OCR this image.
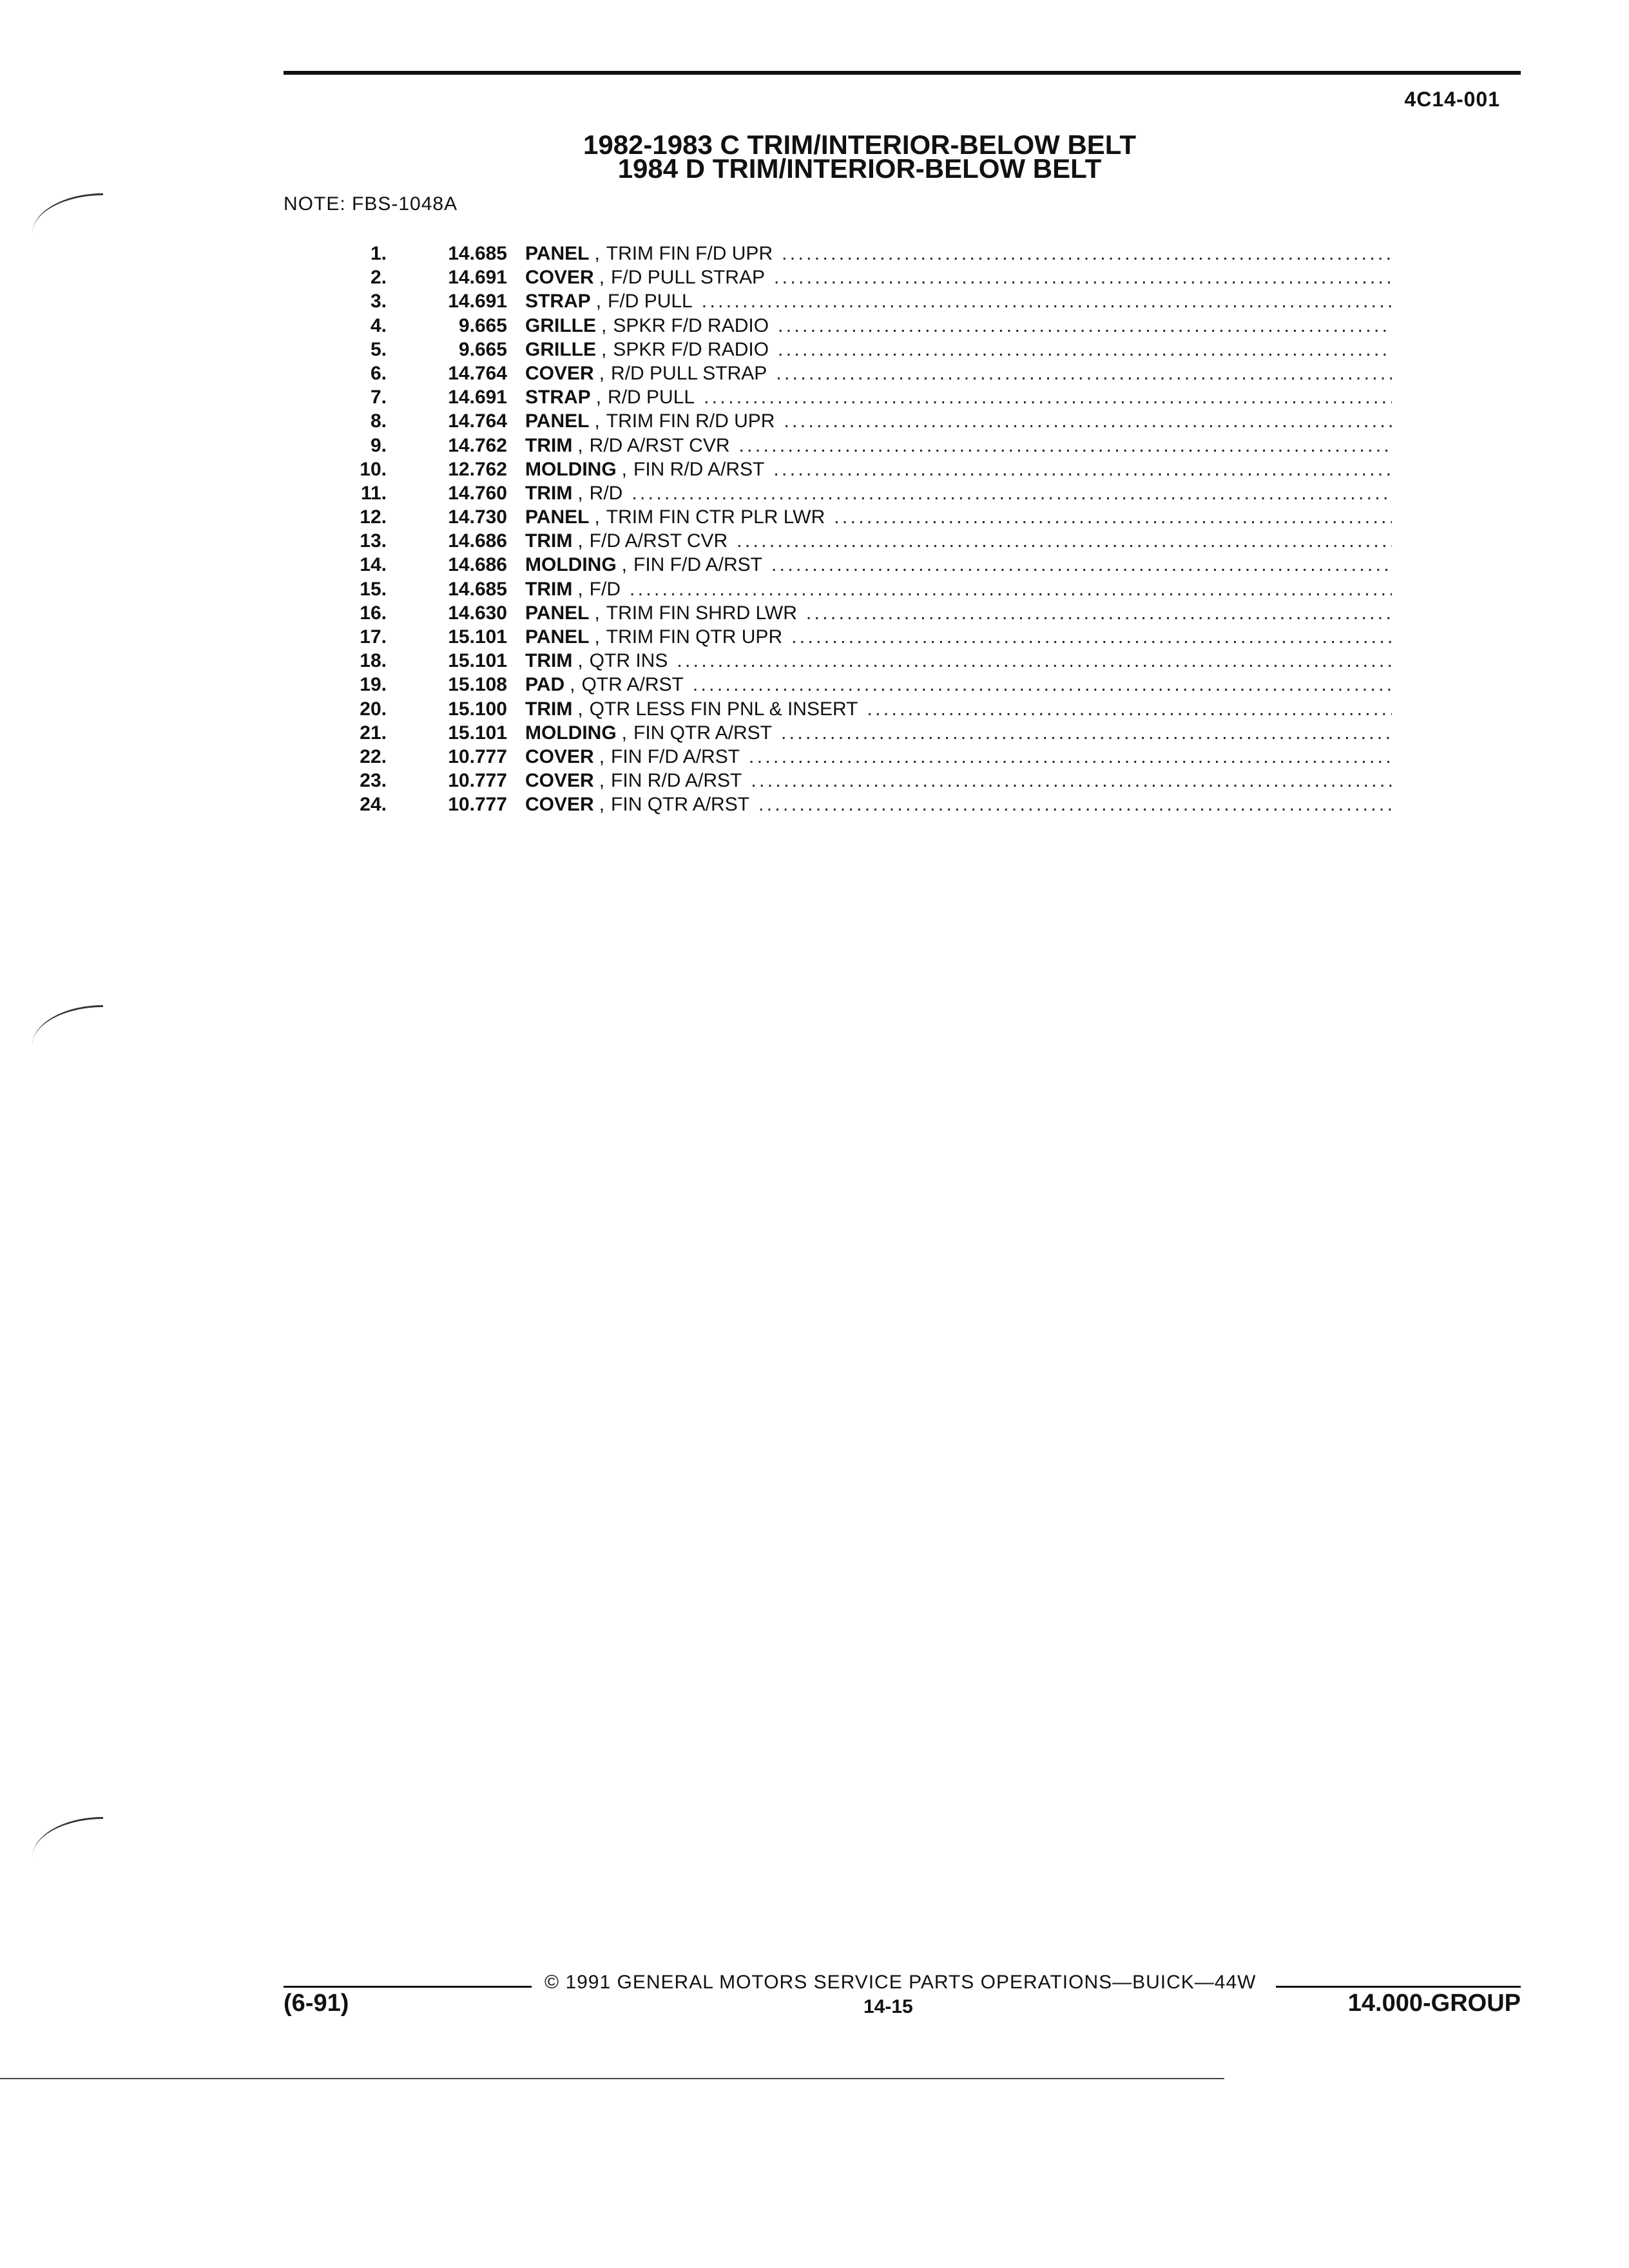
4C14-001
1982-1983 C TRIM/INTERIOR-BELOW BELT
1984 D TRIM/INTERIOR-BELOW BELT
NOTE: FBS-1048A
1.	14.685 PANEL , TRIM FIN F/D UPR
. . .
2.	14.691 COVER , F/D PULL STRAP
. . .
3.	14.691 STRAP , F/D PULL
. . .
4.	9.665 GRILLE , SPKR F/D RADIO
. . .
5.	9.665 GRILLE , SPKR F/D RADIO
. . .
6.	14.764 COVER , R/D PULL STRAP
. . .
7.	14.691 STRAP , R/D PULL
. . .
8.	14.764 PANEL , TRIM FIN R/D UPR
. . .
9.	14.762 TRIM , R/D A/RST CVR
. . .
10.	12.762 MOLDING , FIN R/D A/RST
. . .
11.	14.760 TRIM , R/D
. . .
12.	14.730 PANEL , TRIM FIN CTR PLR LWR
. . .
13.	14.686 TRIM , F/D A/RST CVR
. . .
14.	14.686 MOLDING , FIN F/D A/RST
. . .
15.	14.685 TRIM , F/D
. . .
16.	14.630 PANEL , TRIM FIN SHRD LWR
. . .
17.	15.101 PANEL , TRIM FIN QTR UPR
. . .
18.	15.101 TRIM , QTR INS
. . .
19.	15.108 PAD , QTR A/RST
. . .
20.	15.100 TRIM , QTR LESS FIN PNL & INSERT
. . .
21.	15.101 MOLDING , FIN QTR A/RST
. . .
22.	10.777 COVER , FIN F/D A/RST
. . .
23.	10.777 COVER , FIN R/D A/RST
. . .
24.	10.777 COVER , FIN QTR A/RST
. . .
© 1991 GENERAL MOTORS SERVICE PARTS OPERATIONS—BUICK—44W
(6-91)	14-15	14.000-GROUP
